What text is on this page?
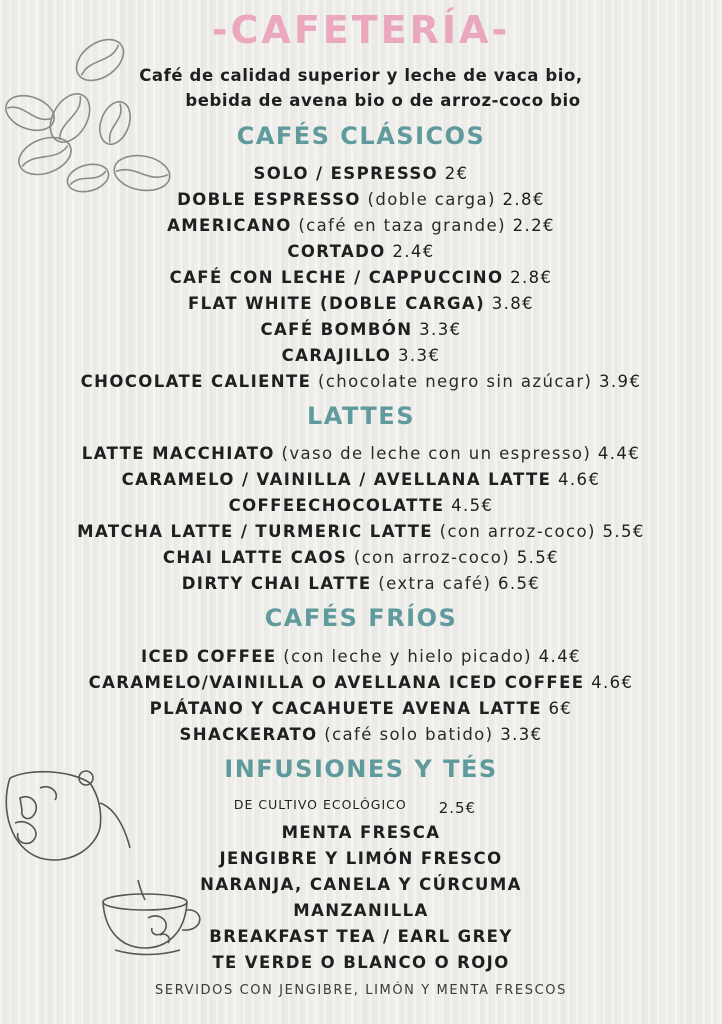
-CAFETERÍA-
Café de calidad superior y leche de vaca bio,
bebida de avena bio o de arroz-coco bio
CAFÉS CLÁSICOS
SOLO / ESPRESSO 2€
DOBLE ESPRESSO (doble carga) 2.8€
AMERICANO (café en taza grande) 2.2€
CORTADO 2.4€
CAFÉ CON LECHE / CAPPUCCINO 2.8€
FLAT WHITE (DOBLE CARGA) 3.8€
CAFÉ BOMBÓN 3.3€
CARAJILLO 3.3€
CHOCOLATE CALIENTE (chocolate negro sin azúcar) 3.9€
LATTES
LATTE MACCHIATO (vaso de leche con un espresso) 4.4€
CARAMELO / VAINILLA / AVELLANA LATTE 4.6€
COFFEECHOCOLATTE 4.5€
MATCHA LATTE / TURMERIC LATTE (con arroz-coco) 5.5€
CHAI LATTE CAOS (con arroz-coco) 5.5€
DIRTY CHAI LATTE (extra café) 6.5€
CAFÉS FRÍOS
ICED COFFEE (con leche y hielo picado) 4.4€
CARAMELO/VAINILLA O AVELLANA ICED COFFEE 4.6€
PLÁTANO Y CACAHUETE AVENA LATTE 6€
SHACKERATO (café solo batido) 3.3€
INFUSIONES Y TÉS
DE CULTIVO ECOLÓGICO 2.5€
MENTA FRESCA
JENGIBRE Y LIMÓN FRESCO
NARANJA, CANELA Y CÚRCUMA
MANZANILLA
BREAKFAST TEA / EARL GREY
TE VERDE O BLANCO O ROJO
SERVIDOS CON JENGIBRE, LIMÓN Y MENTA FRESCOS
